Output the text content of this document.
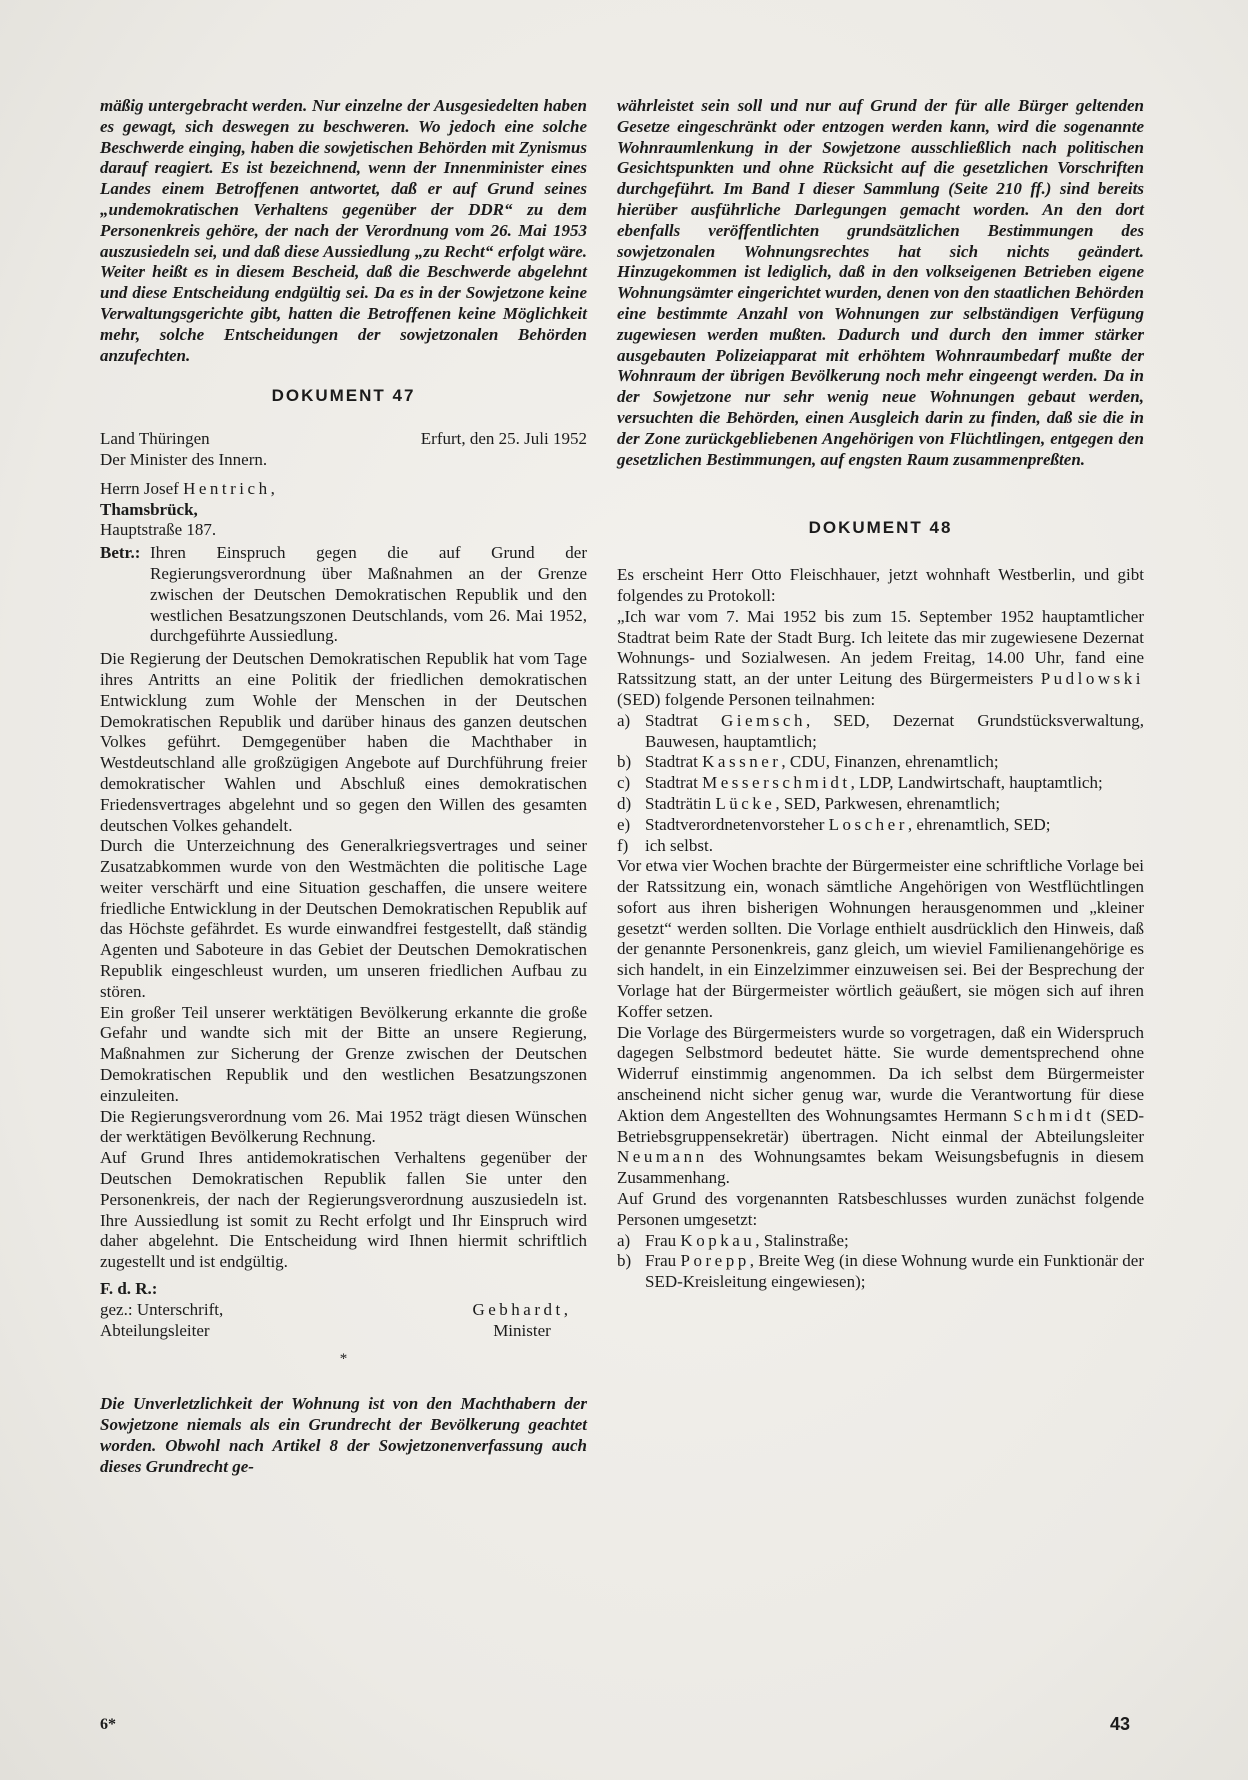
mäßig untergebracht werden. Nur einzelne der Ausgesiedelten haben es gewagt, sich deswegen zu beschweren. Wo jedoch eine solche Beschwerde einging, haben die sowjetischen Behörden mit Zynismus darauf reagiert. Es ist bezeichnend, wenn der Innenminister eines Landes einem Betroffenen antwortet, daß er auf Grund seines „undemokratischen Verhaltens gegenüber der DDR“ zu dem Personenkreis gehöre, der nach der Verordnung vom 26. Mai 1953 auszusiedeln sei, und daß diese Aussiedlung „zu Recht“ erfolgt wäre. Weiter heißt es in diesem Bescheid, daß die Beschwerde abgelehnt und diese Entscheidung endgültig sei. Da es in der Sowjetzone keine Verwaltungsgerichte gibt, hatten die Betroffenen keine Möglichkeit mehr, solche Entscheidungen der sowjetzonalen Behörden anzufechten.

DOKUMENT 47
Land Thüringen	Erfurt, den 25. Juli 1952

Der Minister des Innern.

Herrn Josef Hentrich,

Thamsbrück,

Hauptstraße 187.

Betr.: Ihren Einspruch gegen die auf Grund der Regierungsverordnung über Maßnahmen an der Grenze zwischen der Deutschen Demokratischen Republik und den westlichen Besatzungszonen Deutschlands, vom 26. Mai 1952, durchgeführte Aussiedlung.

Die Regierung der Deutschen Demokratischen Republik hat vom Tage ihres Antritts an eine Politik der friedlichen demokratischen Entwicklung zum Wohle der Menschen in der Deutschen Demokratischen Republik und darüber hinaus des ganzen deutschen Volkes geführt. Demgegenüber haben die Machthaber in Westdeutschland alle großzügigen Angebote auf Durchführung freier demokratischer Wahlen und Abschluß eines demokratischen Friedensvertrages abgelehnt und so gegen den Willen des gesamten deutschen Volkes gehandelt.

Durch die Unterzeichnung des Generalkriegsvertrages und seiner Zusatzabkommen wurde von den Westmächten die politische Lage weiter verschärft und eine Situation geschaffen, die unsere weitere friedliche Entwicklung in der Deutschen Demokratischen Republik auf das Höchste gefährdet. Es wurde einwandfrei festgestellt, daß ständig Agenten und Saboteure in das Gebiet der Deutschen Demokratischen Republik eingeschleust wurden, um unseren friedlichen Aufbau zu stören.

Ein großer Teil unserer werktätigen Bevölkerung erkannte die große Gefahr und wandte sich mit der Bitte an unsere Regierung, Maßnahmen zur Sicherung der Grenze zwischen der Deutschen Demokratischen Republik und den westlichen Besatzungszonen einzuleiten.

Die Regierungsverordnung vom 26. Mai 1952 trägt diesen Wünschen der werktätigen Bevölkerung Rechnung.

Auf Grund Ihres antidemokratischen Verhaltens gegenüber der Deutschen Demokratischen Republik fallen Sie unter den Personenkreis, der nach der Regierungsverordnung auszusiedeln ist. Ihre Aussiedlung ist somit zu Recht erfolgt und Ihr Einspruch wird daher abgelehnt. Die Entscheidung wird Ihnen hiermit schriftlich zugestellt und ist endgültig.

F. d. R.:

gez.: Unterschrift,	Gebhardt,
Abteilungsleiter	Minister
*

Die Unverletzlichkeit der Wohnung ist von den Machthabern der Sowjetzone niemals als ein Grundrecht der Bevölkerung geachtet worden. Obwohl nach Artikel 8 der Sowjetzonenverfassung auch dieses Grundrecht ge-

währleistet sein soll und nur auf Grund der für alle Bürger geltenden Gesetze eingeschränkt oder entzogen werden kann, wird die sogenannte Wohnraumlenkung in der Sowjetzone ausschließlich nach politischen Gesichtspunkten und ohne Rücksicht auf die gesetzlichen Vorschriften durchgeführt. Im Band I dieser Sammlung (Seite 210 ff.) sind bereits hierüber ausführliche Darlegungen gemacht worden. An den dort ebenfalls veröffentlichten grundsätzlichen Bestimmungen des sowjetzonalen Wohnungsrechtes hat sich nichts geändert. Hinzugekommen ist lediglich, daß in den volkseigenen Betrieben eigene Wohnungsämter eingerichtet wurden, denen von den staatlichen Behörden eine bestimmte Anzahl von Wohnungen zur selbständigen Verfügung zugewiesen werden mußten. Dadurch und durch den immer stärker ausgebauten Polizeiapparat mit erhöhtem Wohnraumbedarf mußte der Wohnraum der übrigen Bevölkerung noch mehr eingeengt werden. Da in der Sowjetzone nur sehr wenig neue Wohnungen gebaut werden, versuchten die Behörden, einen Ausgleich darin zu finden, daß sie die in der Zone zurückgebliebenen Angehörigen von Flüchtlingen, entgegen den gesetzlichen Bestimmungen, auf engsten Raum zusammenpreßten.

DOKUMENT 48

Es erscheint Herr Otto Fleischhauer, jetzt wohnhaft Westberlin, und gibt folgendes zu Protokoll:

„Ich war vom 7. Mai 1952 bis zum 15. September 1952 hauptamtlicher Stadtrat beim Rate der Stadt Burg. Ich leitete das mir zugewiesene Dezernat Wohnungs- und Sozialwesen. An jedem Freitag, 14.00 Uhr, fand eine Ratssitzung statt, an der unter Leitung des Bürgermeisters Pudlowski (SED) folgende Personen teilnahmen:

a) Stadtrat Giemsch, SED, Dezernat Grundstücksverwaltung, Bauwesen, hauptamtlich;
b) Stadtrat Kassner, CDU, Finanzen, ehrenamtlich;
c) Stadtrat Messerschmidt, LDP, Landwirtschaft, hauptamtlich;
d) Stadträtin Lücke, SED, Parkwesen, ehrenamtlich;
e) Stadtverordnetenvorsteher Loscher, ehrenamtlich, SED;
f) ich selbst.

Vor etwa vier Wochen brachte der Bürgermeister eine schriftliche Vorlage bei der Ratssitzung ein, wonach sämtliche Angehörigen von Westflüchtlingen sofort aus ihren bisherigen Wohnungen herausgenommen und „kleiner gesetzt“ werden sollten. Die Vorlage enthielt ausdrücklich den Hinweis, daß der genannte Personenkreis, ganz gleich, um wieviel Familienangehörige es sich handelt, in ein Einzelzimmer einzuweisen sei. Bei der Besprechung der Vorlage hat der Bürgermeister wörtlich geäußert, sie mögen sich auf ihren Koffer setzen.

Die Vorlage des Bürgermeisters wurde so vorgetragen, daß ein Widerspruch dagegen Selbstmord bedeutet hätte. Sie wurde dementsprechend ohne Widerruf einstimmig angenommen. Da ich selbst dem Bürgermeister anscheinend nicht sicher genug war, wurde die Verantwortung für diese Aktion dem Angestellten des Wohnungsamtes Hermann Schmidt (SED-Betriebsgruppensekretär) übertragen. Nicht einmal der Abteilungsleiter Neumann des Wohnungsamtes bekam Weisungsbefugnis in diesem Zusammenhang.

Auf Grund des vorgenannten Ratsbeschlusses wurden zunächst folgende Personen umgesetzt:

a) Frau Kopkau, Stalinstraße;
b) Frau Porepp, Breite Weg (in diese Wohnung wurde ein Funktionär der SED-Kreisleitung eingewiesen);
6*	43
